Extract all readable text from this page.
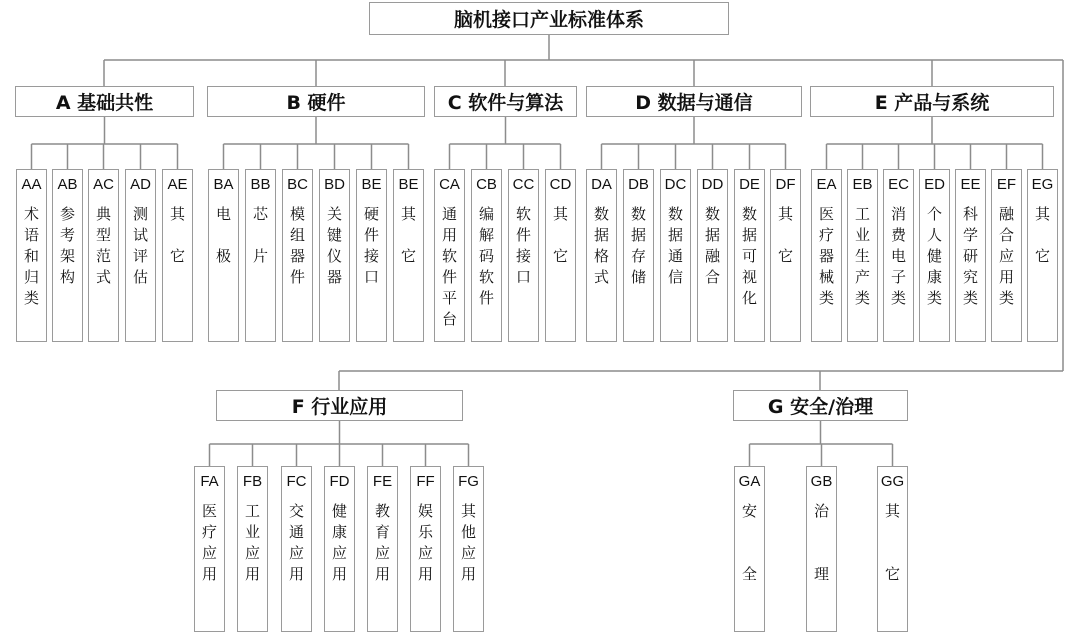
脑机接口产业标准体系
A 基础共性
AA
术
语
和
归
类
AB
参
考
架
构
AC
典
型
范
式
AD
测
试
评
估
AE
其

它
B 硬件
BA
电

极
BB
芯

片
BC
模
组
器
件
BD
关
键
仪
器
BE
硬
件
接
口
BE
其

它
C 软件与算法
CA
通
用
软
件
平
台
CB
编
解
码
软
件
CC
软
件
接
口
CD
其

它
D 数据与通信
DA
数
据
格
式
DB
数
据
存
储
DC
数
据
通
信
DD
数
据
融
合
DE
数
据
可
视
化
DF
其

它
E 产品与系统
EA
医
疗
器
械
类
EB
工
业
生
产
类
EC
消
费
电
子
类
ED
个
人
健
康
类
EE
科
学
研
究
类
EF
融
合
应
用
类
EG
其

它
F 行业应用
FA
医
疗
应
用
FB
工
业
应
用
FC
交
通
应
用
FD
健
康
应
用
FE
教
育
应
用
FF
娱
乐
应
用
FG
其
他
应
用
G 安全/治理
GA
安

全
GB
治

理
GG
其

它
